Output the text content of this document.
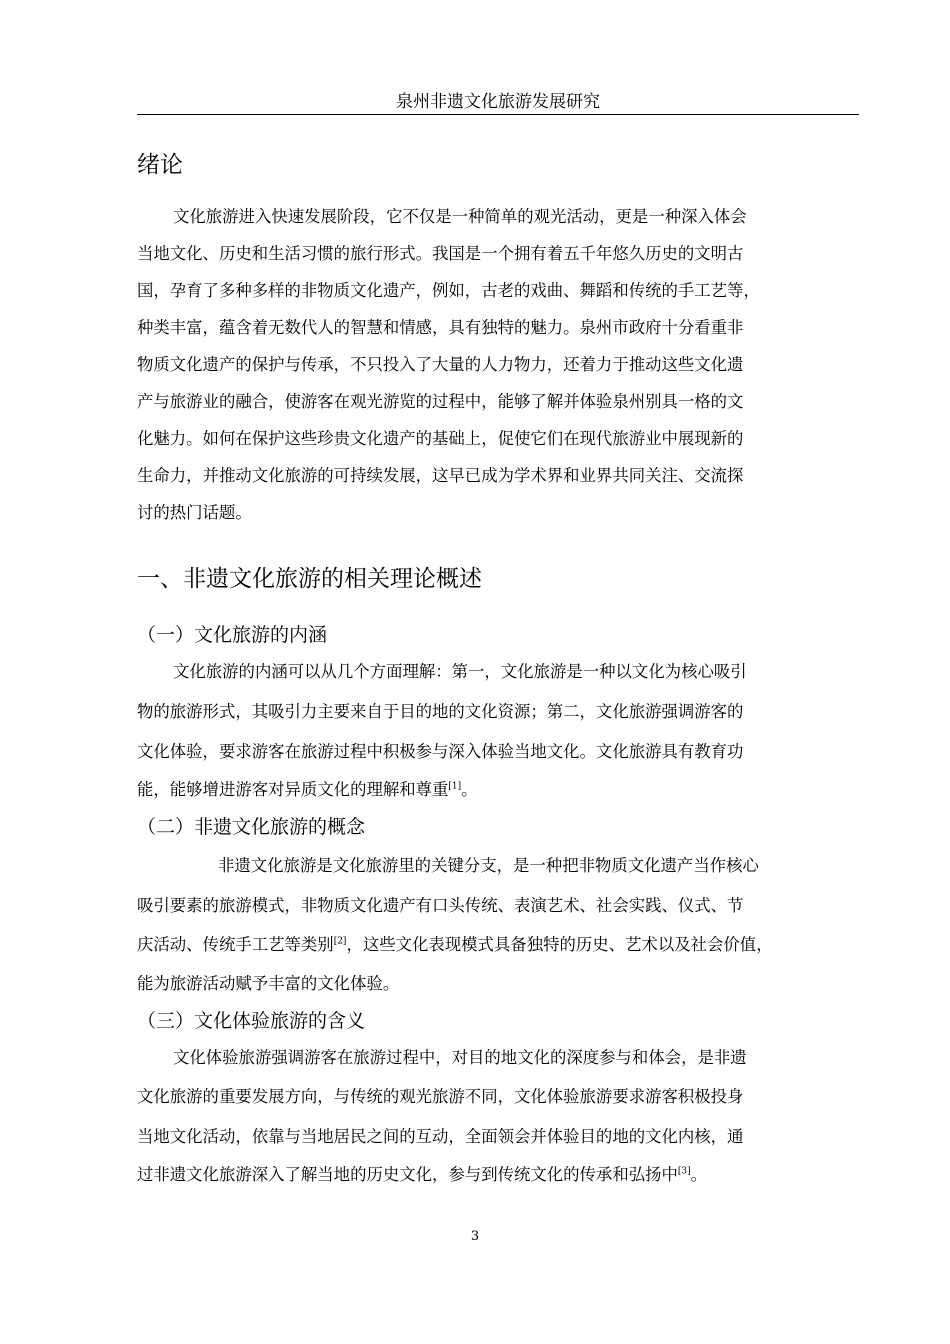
泉州非遗文化旅游发展研究
绪论
文化旅游进入快速发展阶段，它不仅是一种简单的观光活动，更是一种深入体会
当地文化、历史和生活习惯的旅行形式。我国是一个拥有着五千年悠久历史的文明古
国，孕育了多种多样的非物质文化遗产，例如，古老的戏曲、舞蹈和传统的手工艺等，
种类丰富，蕴含着无数代人的智慧和情感，具有独特的魅力。泉州市政府十分看重非
物质文化遗产的保护与传承，不只投入了大量的人力物力，还着力于推动这些文化遗
产与旅游业的融合，使游客在观光游览的过程中，能够了解并体验泉州别具一格的文
化魅力。如何在保护这些珍贵文化遗产的基础上，促使它们在现代旅游业中展现新的
生命力，并推动文化旅游的可持续发展，这早已成为学术界和业界共同关注、交流探
讨的热门话题。
一、非遗文化旅游的相关理论概述
（一）文化旅游的内涵
文化旅游的内涵可以从几个方面理解：第一，文化旅游是一种以文化为核心吸引
物的旅游形式，其吸引力主要来自于目的地的文化资源；第二，文化旅游强调游客的
文化体验，要求游客在旅游过程中积极参与深入体验当地文化。文化旅游具有教育功
能，能够增进游客对异质文化的理解和尊重[1]。
（二）非遗文化旅游的概念
非遗文化旅游是文化旅游里的关键分支，是一种把非物质文化遗产当作核心
吸引要素的旅游模式，非物质文化遗产有口头传统、表演艺术、社会实践、仪式、节
庆活动、传统手工艺等类别[2]，这些文化表现模式具备独特的历史、艺术以及社会价值，
能为旅游活动赋予丰富的文化体验。
（三）文化体验旅游的含义
文化体验旅游强调游客在旅游过程中，对目的地文化的深度参与和体会，是非遗
文化旅游的重要发展方向，与传统的观光旅游不同，文化体验旅游要求游客积极投身
当地文化活动，依靠与当地居民之间的互动，全面领会并体验目的地的文化内核，通
过非遗文化旅游深入了解当地的历史文化，参与到传统文化的传承和弘扬中[3]。
3
